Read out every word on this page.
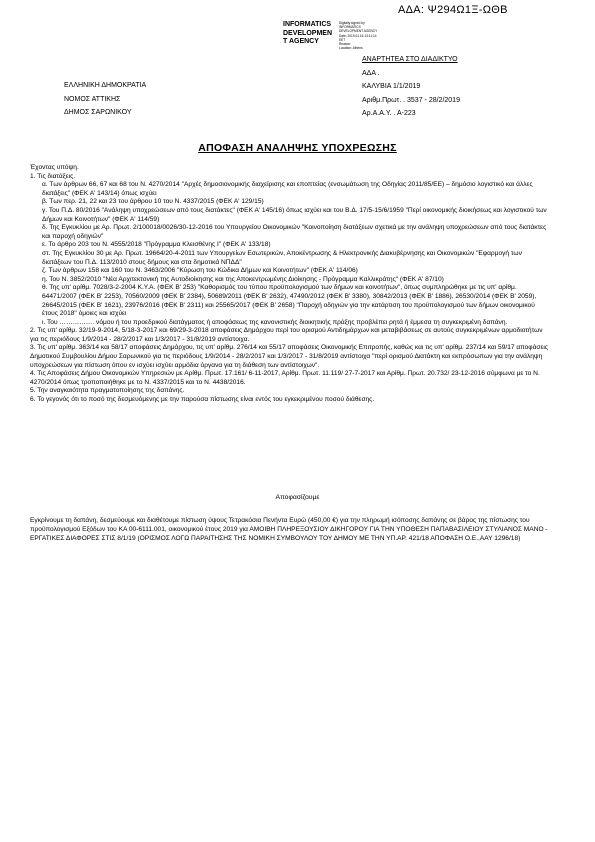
ΑΔΑ: Ψ294Ω1Ξ-ΩΘΒ
INFORMATICS
DEVELOPMEN
T AGENCY
Digitally signed by
INFORMATICS
DEVELOPMENT AGENCY
Date: 2019.01.16 13:11:14
EET
Reason:
Location: Athens
ΕΛΛΗΝΙΚΗ ΔΗΜΟΚΡΑΤΙΑ
ΝΟΜΟΣ ΑΤΤΙΚΗΣ
ΔΗΜΟΣ ΣΑΡΩΝΙΚΟΥ
ΑΝΑΡΤΗΤΕΑ ΣΤΟ ΔΙΑΔΙΚΤΥΟ
ΑΔΑ .
ΚΑΛΥΒΙΑ 1/1/2019
Αριθμ.Πρωτ. . 3537 - 28/2/2019
Αρ.Α.Α.Υ. . Α-223
ΑΠΟΦΑΣΗ ΑΝΑΛΗΨΗΣ ΥΠΟΧΡΕΩΣΗΣ

Έχοντας υπόψη.

1. Τις διατάξεις.

α. Των άρθρων 66, 67 και 68 του Ν. 4270/2014 "Αρχές δημοσιονομικής διαχείρισης και εποπτείας (ενσωμάτωση της Οδηγίας 2011/85/ΕΕ) – δημόσιο λογιστικό και άλλες διατάξεις" (ΦΕΚ Α' 143/14) όπως ισχύει

β. Των περ. 21, 22 και 23 του άρθρου 10 του Ν. 4337/2015 (ΦΕΚ Α' 129/15)

γ. Του Π.Δ. 80/2016 "Ανάληψη υποχρεώσεων από τους διατάκτες" (ΦΕΚ Α' 145/16) όπως ισχύει και του Β.Δ. 17/5-15/6/1959 "Περί οικονομικής διοικήσεως και λογιστικού των Δήμων και Κοινοτήτων" (ΦΕΚ Α' 114/59)

δ. Της Εγκυκλίου με Αρ. Πρωτ. 2/100018/0026/30-12-2016 του Υπουργείου Οικονομικών "Κοινοποίηση διατάξεων σχετικά με την ανάληψη υποχρεώσεων από τους διατάκτες και παροχή οδηγιών"

ε. Το άρθρο 203 του Ν. 4555/2018 "Πρόγραμμα Κλεισθένης Ι" (ΦΕΚ Α' 133/18)

στ. Της Εγκυκλίου 30 με Αρ. Πρωτ. 19664/20-4-2011 των Υπουργείων Εσωτερικών, Αποκέντρωσης & Ηλεκτρονικής Διακυβέρνησης και Οικονομικών "Εφαρμογή των διατάξεων του Π.Δ. 113/2010 στους δήμους και στα δημοτικά ΝΠΔΔ"

ζ. Των άρθρων 158 και 160 του Ν. 3463/2006 "Κύρωση του Κώδικα Δήμων και Κοινοτήτων" (ΦΕΚ Α' 114/06)

η. Του Ν. 3852/2010 "Νέα Αρχιτεκτονική της Αυτοδιοίκησης και της Αποκεντρωμένης Διοίκησης - Πρόγραμμα Καλλικράτης" (ΦΕΚ Α' 87/10)

θ. Της υπ' αρίθμ. 7028/3-2-2004 Κ.Υ.Α. (ΦΕΚ Β' 253) "Καθορισμός του τύπου προϋπολογισμού των δήμων και κοινοτήτων", όπως συμπληρώθηκε με τις υπ' αρίθμ. 64471/2007 (ΦΕΚ Β' 2253), 70560/2009 (ΦΕΚ Β' 2384), 50689/2011 (ΦΕΚ Β' 2632), 47490/2012 (ΦΕΚ Β' 3380), 30842/2013 (ΦΕΚ Β' 1886), 26530/2014 (ΦΕΚ Β' 2059), 26645/2015 (ΦΕΚ Β' 1621), 23976/2016 (ΦΕΚ Β' 2311) και 25565/2017 (ΦΕΚ Β' 2658) "Παροχή οδηγιών για την κατάρτιση του προϋπολογισμού των δήμων οικονομικού έτους 2018" όμοιες και ισχύει

ι. Του ……………. νόμου ή του προεδρικού διατάγματος ή αποφάσεως της κανονιστικής διοικητικής πράξης προβλέπει ρητά ή έμμεσα τη συγκεκριμένη δαπάνη.

2. Τις υπ' αρίθμ. 32/19-9-2014, 5/18-3-2017 και 69/29-3-2018 αποφάσεις Δημάρχου περί του ορισμού Αντιδημάρχων και μεταβιβάσεως σε αυτούς συγκεκριμένων αρμοδιοτήτων για τις περιόδους 1/9/2014 - 28/2/2017 και 1/3/2017 - 31/8/2019 αντίστοιχα.

3. Τις υπ' αρίθμ. 363/14 και 58/17 αποφάσεις Δημάρχου, τις υπ' αρίθμ. 276/14 και 55/17 αποφάσεις Οικονομικής Επιτροπής, καθώς και τις υπ' αρίθμ. 237/14 και 59/17 αποφάσεις Δημοτικού Συμβουλίου Δήμου Σαρωνικού για τις περιόδους 1/9/2014 - 28/2/2017 και 1/3/2017 - 31/8/2019 αντίστοιχα "περί ορισμού Διατάκτη και εκπρόσωπων για την ανάληψη υποχρεώσεων για πίστωση όπου εν ισχύει ισχύει αρμόδια όργανα για τη διάθεση των αντίστοιχων".

4. Τις Αποφάσεις Δήμου Οικονομικών Υπηρεσιών με Αρίθμ. Πρωτ. 17.161/ 6-11-2017, Αρίθμ. Πρωτ. 11.119/ 27-7-2017 και Αρίθμ. Πρωτ. 20.732/ 23-12-2016 σύμφωνα με το Ν. 4270/2014 όπως τροποποιήθηκε με το Ν. 4337/2015 και το Ν. 4438/2016.

5. Την αναγκαιότητα πραγματοποίησης της δαπάνης.

6. Το γεγονός ότι το ποσό της δεσμευόμενης με την παρούσα πίστωσης είναι εντός του εγκεκριμένου ποσού διάθεσης.

Αποφασίζουμε
Εγκρίνουμε τη δαπάνη, δεσμεύουμε και διαθέτουμε πίστωση ύψους Τετρακόσια Πενήντα Ευρώ (450,00 €) για την πληρωμή ισόποσης δαπάνης σε βάρος της πίστωσης του προϋπολογισμού Εξόδων του ΚΑ 00-6111.001, οικονομικού έτους 2019 για ΑΜΟΙΒΗ ΠΛΗΡΕΞΟΥΣΙΟΥ ΔΙΚΗΓΟΡΟΥ ΓΙΑ ΤΗΝ ΥΠΟΘΕΣΗ ΠΑΠΑΒΑΣΙΛΕΙΟΥ ΣΤΥΛΙΑΝΟΣ ΜΑΝΟ - ΕΡΓΑΤΙΚΕΣ ΔΙΑΦΟΡΕΣ ΣΤΙΣ 8/1/19 (ΟΡΙΣΜΟΣ ΛΟΓΩ ΠΑΡΑΙΤΗΣΗΣ ΤΗΣ ΝΟΜΙΚΗ ΣΥΜΒΟΥΛΟΥ ΤΟΥ ΔΗΜΟΥ ΜΕ ΤΗΝ ΥΠ.ΑΡ. 421/18 ΑΠΟΦΑΣΗ Ο.Ε.,ΑΑΥ 1296/18)
